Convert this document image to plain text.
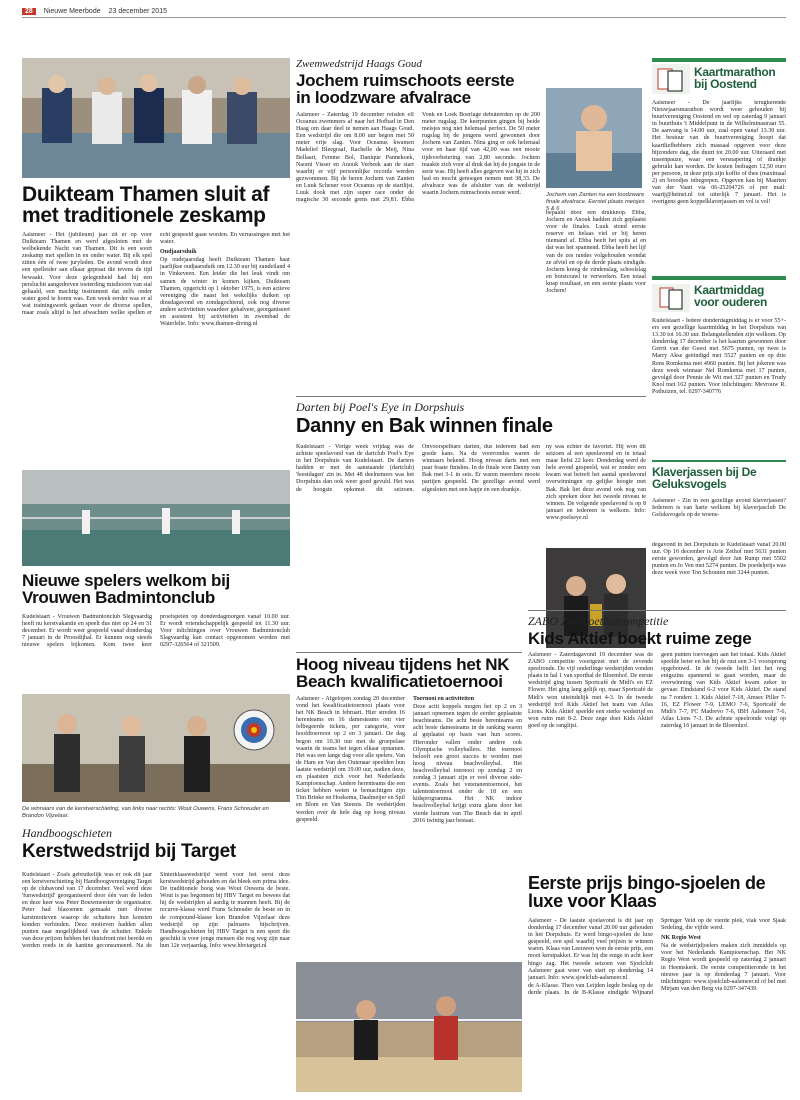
28	Nieuwe Meerbode 23 december 2015
Duikteam Thamen sluit af met traditionele zeskamp

Aalsmeer - Het (jubileum) jaar zit er op voor Duikteam Thamen en werd afgesloten met de welbekende Nacht van Thamen. Dit is een soort zeskamp met spellen in en onder water. Bij elk spel zitten één of twee juryleden. De avond wordt door een spelleider aan elkaar gepraat die tevens de tijd bewaakt. Voor deze gelegenheid had hij een persluchtt aangedreven toeterding misthoorn van stal gehaald, een machtig instrument dat zelfs onder water goed te horen was. Een week eerder was er al wat trainingswerk gedaan voor de diverse spellen, maar zoals altijd is het afwachten welke spellen er echt gespeeld gaan worden. En verrassingen met het water.

Oudjaarsduik

Op oudejaarsdag heeft Duikteam Thamen haar jaarlijkse oudjaarsduik om 12.30 uur bij zandeiland 4 in Vinkeveen. Een leider die het leuk vindt om samen de winter in komen kijken, Duikteam Thamen, opgericht op 1 oktober 1975, is een actieve vereniging die naast het wekelijks duiken op dinsdagavond en zondagochtend, ook nog diverse andere activiteiten waardeer gehalveer, georganiseert en assistent bij activiteiten in zwembad de Waterlelie. Info: www.thamen-diving.nl

Zwemwedstrijd Haags Goud
Jochem ruimschoots eerste in loodzware afvalrace

Aalsmeer - Zaterdag 19 december reisden elf Oceanus zwemmers af naar het Hofbad in Den Haag om daar deel te nemen aan Haags Goud. Een wedstrijd die om 8.00 uur begon met 50 meter vrije slag. Voor Oceanus kwamen Madelief Bleegraaf, Rachelle de Meij, Nina Bellaart, Femme Bol, Danique Pannekoek, Naomi Visser en Anouk Verbeek aan de start waarbij er vijf persoonlijke records werden gezwommen. Bij de heren Jochem van Zanten en Luuk Scheuer voor Oceanus op de startlijst. Luuk dook met zijn super race onder de magische 30 seconde grens met 29,81. Ebba Vonk en Loek Boerlage debuteerden op de 200 meter rugslag. De keerpunten gingen bij beide meisjes nog niet helemaal perfect. De 50 meter rugslag bij de jongens werd gewonnen door Jochem van Zanten. Nina ging er ook helemaal voor en haar tijd van 42,00 was een mooie tijdsverbetering van 2,80 seconde. Jochem maakte zich voor al druk dat hij de jongste in de serie was. Hij heeft alles gegeven wat hij in zich had en mocht genoegen nemen met 38,33. De afvalrace was de afsluiter van de wedstrijd waarin Jochem ruimschoots eerste werd.	Jochem van Zanten na een loodzware finale afvalrace. Eerstel plaats meisjes 5 & 6

bepaald door een drukknop. Ebba, Jochem en Anouk hadden zich geplaatst voor de finales. Luuk stond eerste reserve en helaas viel er bij heren niemand af. Ebba heeft het spits af en dat was het spannend. Ebba heeft het lijf van de zes randes volgehouden wondat ze afviel en op de derde plaats eindigde. Jochem kreeg de vindenslag, schoolslag en borstcrawl te verwerken. Een totaal knap resultaat, en een eerste plaats voor Jochem!

Kaartmarathon bij Oostend

Aalsmeer - De jaarlijks terugkerende Nieuwjaarsmarathon wordt weer gehouden bij buurtvereniging Oostend en wel op zaterdag 9 januari in buurthuis 't Middelpunt in de Wilhelminastraat 55. De aanvang is 14.00 uur, zaal open vanaf 13.30 uur. Het bestuur van de buurtvereniging hoopt dat kaartliefhebbers zich massaal opgeven voor deze bijzondere dag, die duurt tot 20.00 uur. Uiteraard met tussenpauze, waar een versnapering of drankje gebruikt kan worden. De kosten bedragen 12,50 euro per persoon, in deze prijs zijn koffie of thee (maximaal 2) en broodjes inbegrepen. Opgeven kan bij Maarten van der Vaart via 06-25204726 of per mail: vaartj@hetnet.nl tot uiterlijk 7 januari. Het is overigens geen koppelklaverjassen en vol is vol!

Kaartmiddag voor ouderen

Kudelstaart - Iedere donderdagmiddag is er voor 55+-ers een gezellige kaartmiddag in het Dorpshuis van 13.30 tot 16.30 uur. Belangstellenden zijn welkom. Op donderdag 17 december is het kaarten gewonnen door Gerrit van der Geest met 5675 punten, op twee is Marry Akse geëindigd met 5527 punten en op drie Rens Romkema met 4960 punten. Bij het jokeren was deze week winnaar Nel Romkema met 17 punten, gevolgd door Pennie de Wit met 327 punten en Trudy Knol met 162 punten. Voor inlichtingen: Mevrouw R. Pothuizen, tel. 0297-340776

Darten bij Poel's Eye in Dorpshuis
Danny en Bak winnen finale

Kudelstaart - Vorige week vrijdag was de achtste speelavond van de dartclub Poel's Eye in het Dorpshuis van Kudelstaart. De darters hadden er met de aanstaande (dartclub) 'feestdagen' zin in. Met 48 deelnemers was het Dorpshuis dan ook weer goed gevuld. Het was de hoogste opkomst dit seizoen. Onvoorspelbare darten, dus iedereen had een goede kans. Na de voorrondes waren de winnaars bekend. Hoog niveau darts met een paar fraaie finishes. In de finale won Danny van Bak met 3-1 in sets. Er waren meerdere mooie partijen gespeeld. De gezellige avond werd afgesloten met een hapje en een drankje.

ny was echter de favoriet. Hij won dit seizoen al een speelavond en in totaal maar liefst 22 keer. Donderdag werd de hele avond gespeeld, wat er zonder een kwam wat betreft het aantal speelavond overwinningen op gelijke hoogte met Bak. Bak liet deze avond ook nog van zich spreken door het tweede niveau te winnen. De volgende speelavond is op 8 januari en iedereen is welkom. Info: www.poelseye.nl

Klaverjassen bij De Geluksvogels

Aalsmeer - Zin in een gezellige avond klaverjassen? Iedereen is van harte welkom bij klaverjasclub De Geluksvogels op de woens-

degavond in het Dorpshuis te Kudelstaart vanaf 20.00 uur. Op 16 december is Arie Zethof met 5631 punten eerste geworden, gevolgd door Jan Rump met 5502 punten en Jo Ven met 5274 punten. De poedelprijs was deze week voor Ton Schouten met 3244 punten.

Nieuwe spelers welkom bij Vrouwen Badmintonclub

Kudelstaart - Vrouwen Badmintonclub Slegvaardig heeft nu kerstvakantie en speelt dus niet op 24 en 31 december. Er wordt weer gespeeld vanaf donderdag 7 januari in de Proosdijhal. Er kunnen nog steeds nieuwe spelers bijkomen. Kom twee keer proefspelen op donderdagmorgen vanaf 10.00 uur. Er wordt vriendschappelijk gespeeld tot 11.30 uur. Voor inlichtingen over Vrouwen Badmintonclub Slagvaardig kan contact opgenomen worden met 0297-326564 of 321509.

ZABO Zaalvoetbalcompetitie
Kids Aktief boekt ruime zege

Aalsmeer - Zaterdagavond 19 december was de ZABO competitie voortgezet met de zevende speelronde. De vijf onderlinge wedstrijden vonden plaats in hal 1 van sporthal de Bloemhof. De eerste wedstrijd ging tussen Sportcafé de Midi's en EZ Flower. Het ging lang gelijk op, maar Sportcafé de Midi's won uiteindelijk met 4-3. In de tweede wedstrijd trof Kids Aktief het team van Atlas Lions. Kids Aktief speelde een sterke wedstrijd en won ruim met 8-2. Deze zege doet Kids Aktief goed op de ranglijst.

geen punten toevoegen aan het totaal. Kids Aktief speelde beter en het bij de rust een 3-1 voorsprong opgebouwd. In de tweede helft liet het nog enigszins spannend te gaan worden, maar de overwinning van Kids Aktief kwam zeker in gevaar. Eindstand 6-2 voor Kids Aktief. De stand na 7 ronden: 1. Kids Aktief 7-18, Amsec Piller 7-16, EZ Flower 7-9, LEMO 7-6, Sportcafé de Midi's 7-7, FC Madrevo 7-6, IBH Aalsmeer 7-6, Atlas Lions 7-3. De achtste speelronde volgt op zaterdag 16 januari in de Bloemhof.

De winnaars van de kerstverschieting, van links naar rechts: Wout Ouwens, Frans Schreuder en Brandon Vijzelaar.
Handboogschieten
Kerstwedstrijd bij Target

Kudelstaart - Zoals gebruikelijk was er ook dit jaar een kerstverschieting bij Handboogvereniging Target op de clubavond van 17 december. Veel werd deze 'funwedstrijd' georganiseerd door één van de leden en deze keer was Peter Bouwmeester de organisator. Peter had blazoenen gemaakt met diverse karstmotieven waarop de schutters hun konsten konden verbinden. Deze motieven hadden allen punten naar mogelijkheid van de schutter. Enkele van deze prijzen hebben het thuisfront niet bereikt en werden reeds in de kantine geconsumeerd. Na de Sinterklaaswedstrijd werd voor het eerst deze kerstwedstrijd gehouden en dat bleek een prima idee. De traditionele boog was Wout Ouwens de beste. Wout is pas begonnen bij HBV Target en bewees dat hij de wedstrijden al aardig te mannen heeft. Bij de recurve-klasse werd Frans Schreuder de beste en in de compound-klasse kon Brandon Vijzelaar deze wedstrijd op zijn palmares bijschrijven. Handboogschieten bij HBV Target is een sport die geschikt is voor jonge mensen die nog weg zijn naar hun 12e verjaardag. Info: www.hbvtarget.nl

Hoog niveau tijdens het NK Beach kwalificatietoernooi

Aalsmeer - Afgelopen zondag 20 december vond het kwalificatietoernooi plaats voor het NK Beach in februari. Hier streden 16 herenteams en 16 damesteams om vier felbegeerde tickets, per categorie, voor hoofdtoernooi op 2 en 3 januari. De dag begon om 10.30 uur met de groepsfase waarin de teams het tegen elkaar opnamen. Het was een lange dag voor alle spelers. Van de Ham en Van den Outenaar speelden hun laatste wedstrijd om 19.00 uur, nadien deze, en plaatsten zich voor het Nederlands Kampioenschap. Andere herenteams die een ticket hebben weten te bemachtigen zijn Tim Brinke en Hoekema, Daalmeijer en Spil en Blom en Van Steenis. De wedstrijden werden over de hele dag op hoog niveau gespeeld.

Toernooi en activiteiten

Deze actit koppels mogen het op 2 en 3 januari opnemen tegen de eerder geplaatste beachteams. De acht beste herenteams en acht beste damesteams in de ranking waren al geplaatst op basis van hun scores. Hieronder vallen onder andere ook Olympische volleyballers. Het toernooi belooft een groot succes te worden met hoog niveau beachvolleybal. Het beachvolleybal toernooi op zondag 2 en zondag 3 januari zijn er veel diverse side-events. Zoals het veteranentoernooi, het talententoernooi onder de 18 en een kidsprogramma. Het NK indoor beachvolleybal krijgt extra glans door het vierde lustrum van The Beach dat in april 2016 twintig jaar bestaat.

Eerste prijs bingo-sjoelen de luxe voor Klaas

Aalsmeer - De laatste sjoelavond is dit jaar op donderdag 17 december vanaf 20.00 uur gehouden in het Dorpshuis. Er werd bingo-sjoelen de luxe gespeeld, een spel waarbij veel prijzen te winnen waren. Klaas van Leeuwen won de eerste prijs, een mooi kerstpakket. Er was hij die enige in acht keer bingo zag. Het tweede seizoen van Sjoelclub Aalsmeer gaat weer van start op donderdag 14 januari. Info: www.sjoelclub-aalsmeer.nl

de A-Klasse. Theo van Leijden legde beslag op de derde plaats. In de B-Klasse eindigde Wijnand Springer Veld op de vierde plek, vlak voor Sjaak Sedeling, die vijfde werd.

NK Regio West

Na de wedstrijdjoelers maken zich inmiddels op voor het Nederlands Kampioenschap. Het NK Regio West wordt gespeeld op zaterdag 2 januari in Heemskerk. De eerste competitieronde in het nieuwe jaar is op donderdag 7 januari. Voor inlichtingen: www.sjoelclub-aalsmeer.nl of bel met Mirjam van den Berg via 0297-347439.
